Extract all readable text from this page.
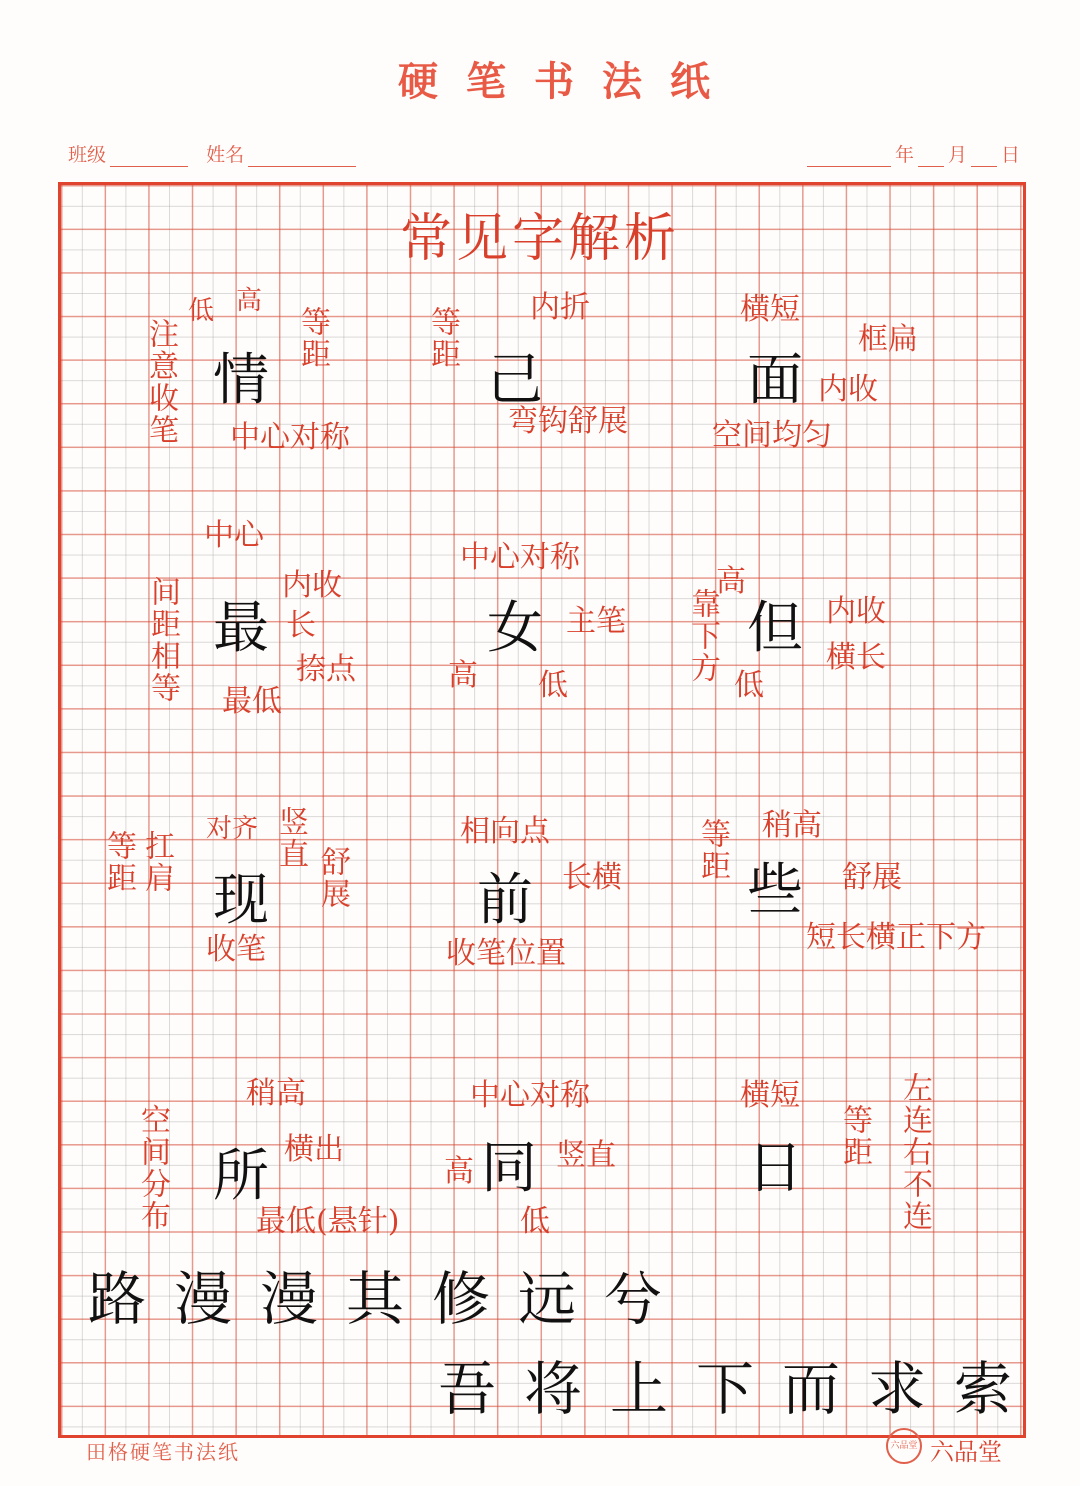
硬笔书法纸
班级	姓名	年 月 日
常见字解析
情
低 高
等距
注意收笔 中心对称
己
内折
等距
弯钩舒展
面
横短
框扁
内收
空间均匀
最
中心
内收
长
间距相等	捺点
最低
女
中心对称
主笔
高 低
但
高
内收
靠下方	横长
低
现
对齐 竖直
等距 扛肩	舒展
收笔
前
相向点
长横
收笔位置
些
稍高
等距	舒展
短长横正下方
所
稍高
横出
空间分布	最低(悬针)
同
中心对称
竖直
高
低
日
横短
等距 左连右不连
路 漫 漫 其 修 远 兮
吾 将 上 下 而 求 索
田格硬笔书法纸	六品堂 六品堂
